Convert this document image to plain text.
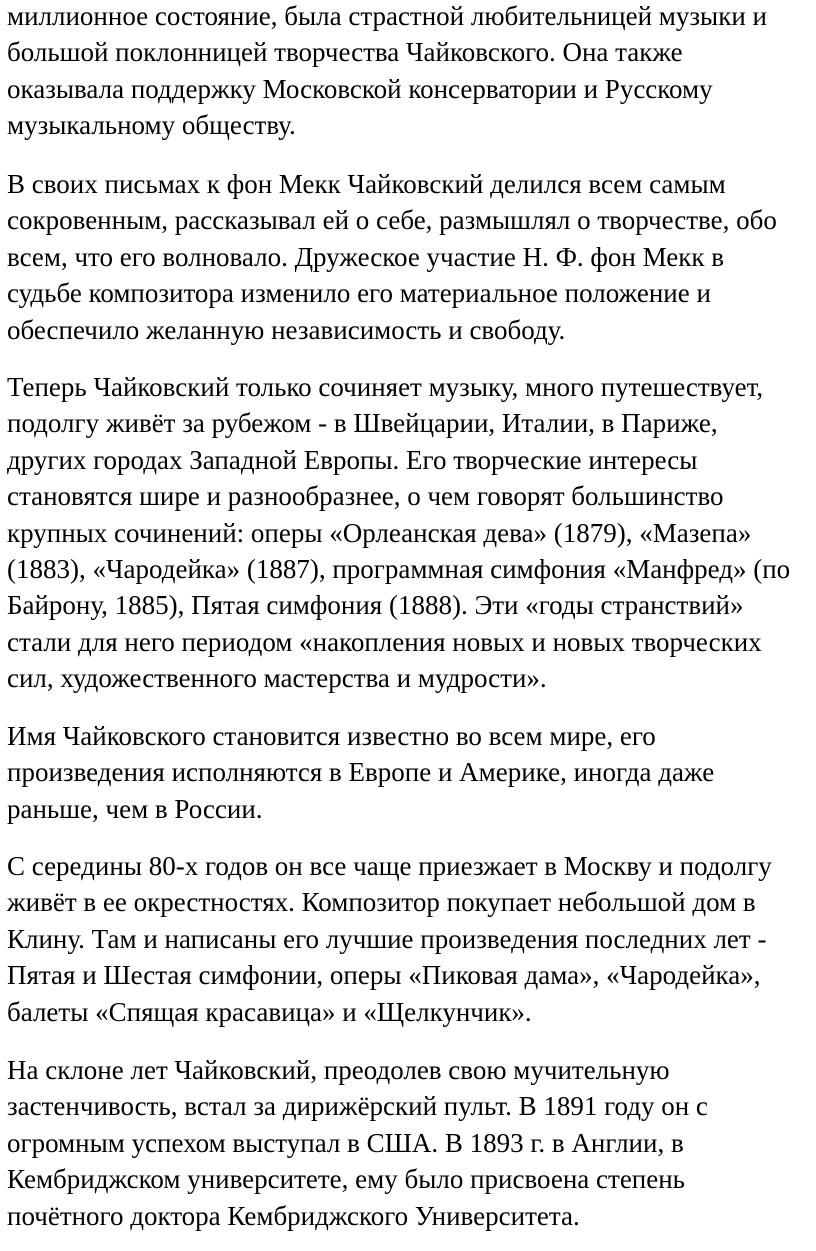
миллионное состояние, была страстной любительницей музыки и
большой поклонницей творчества Чайковского. Она также
оказывала поддержку Московской консерватории и Русскому
музыкальному обществу.

В своих письмах к фон Мекк Чайковский делился всем самым
сокровенным, рассказывал ей о себе, размышлял о творчестве, обо
всем, что его волновало. Дружеское участие Н. Ф. фон Мекк в
судьбе композитора изменило его материальное положение и
обеспечило желанную независимость и свободу.

Теперь Чайковский только сочиняет музыку, много путешествует,
подолгу живёт за рубежом - в Швейцарии, Италии, в Париже,
других городах Западной Европы. Его творческие интересы
становятся шире и разнообразнее, о чем говорят большинство
крупных сочинений: оперы «Орлеанская дева» (1879), «Мазепа»
(1883), «Чародейка» (1887), программная симфония «Манфред» (по
Байрону, 1885), Пятая симфония (1888). Эти «годы странствий»
стали для него периодом «накопления новых и новых творческих
сил, художественного мастерства и мудрости».

Имя Чайковского становится известно во всем мире, его
произведения исполняются в Европе и Америке, иногда даже
раньше, чем в России.

С середины 80-х годов он все чаще приезжает в Москву и подолгу
живёт в ее окрестностях. Композитор покупает небольшой дом в
Клину. Там и написаны его лучшие произведения последних лет -
Пятая и Шестая симфонии, оперы «Пиковая дама», «Чародейка»,
балеты «Спящая красавица» и «Щелкунчик».

На склоне лет Чайковский, преодолев свою мучительную
застенчивость, встал за дирижёрский пульт. В 1891 году он с
огромным успехом выступал в США. В 1893 г. в Англии, в
Кембриджском университете, ему было присвоена степень
почётного доктора Кембриджского Университета.
